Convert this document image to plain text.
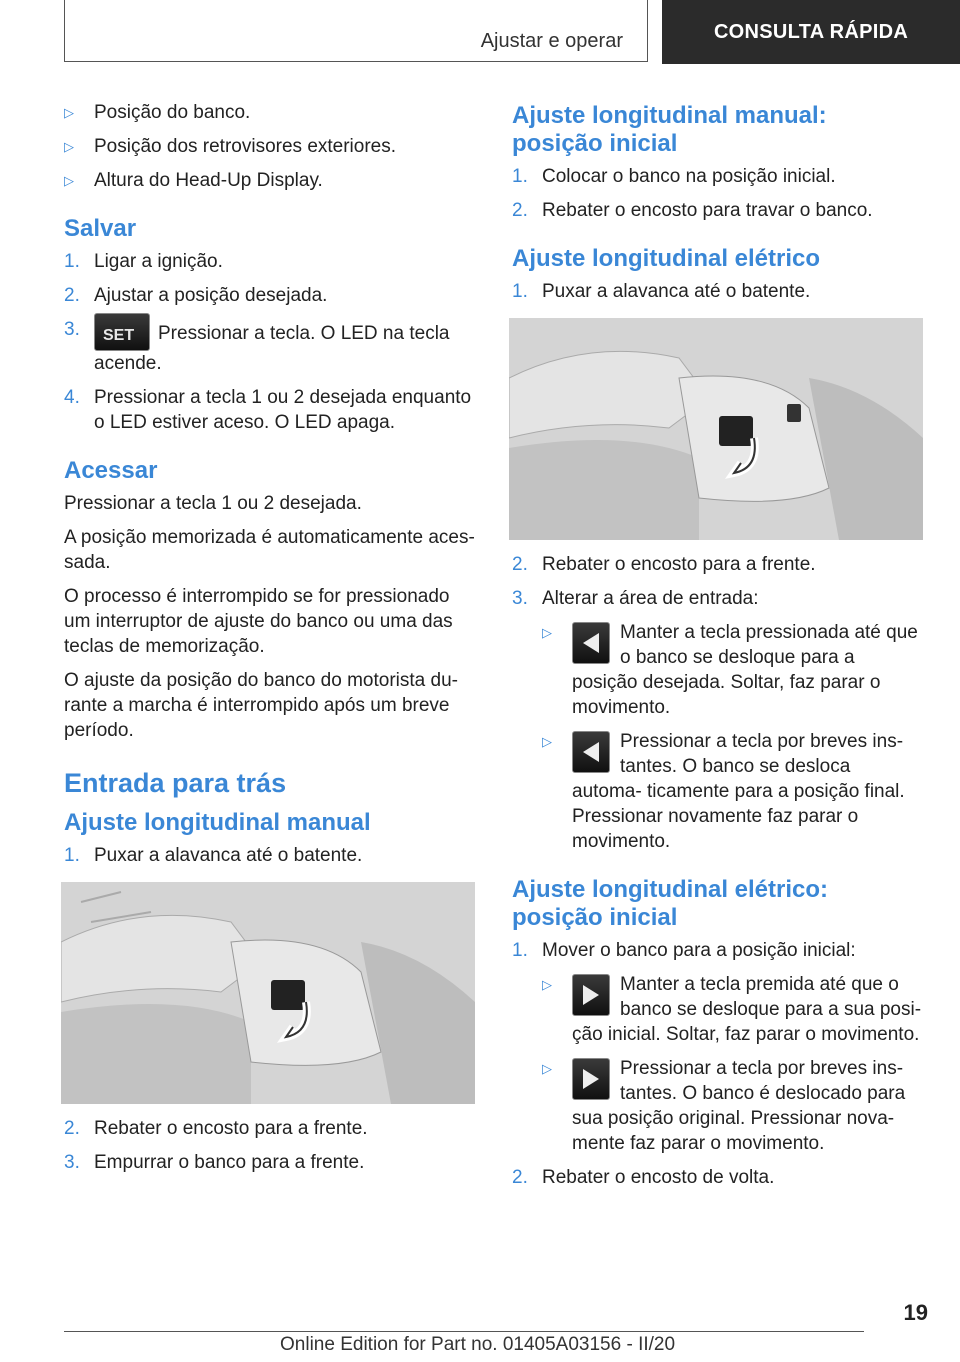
Ajustar e operar	CONSULTA RÁPIDA
▷ Posição do banco.
▷ Posição dos retrovisores exteriores.
▷ Altura do Head-Up Display.
Salvar
1. Ligar a ignição.
2. Ajustar a posição desejada.
3. SET Pressionar a tecla. O LED na tecla acende.
4. Pressionar a tecla 1 ou 2 desejada enquanto o LED estiver aceso. O LED apaga.
Acessar
Pressionar a tecla 1 ou 2 desejada.
A posição memorizada é automaticamente aces- sada.
O processo é interrompido se for pressionado um interruptor de ajuste do banco ou uma das teclas de memorização.
O ajuste da posição do banco do motorista du- rante a marcha é interrompido após um breve período.
Entrada para trás
Ajuste longitudinal manual
1. Puxar a alavanca até o batente.
2. Rebater o encosto para a frente.
3. Empurrar o banco para a frente.
Ajuste longitudinal manual: posição inicial
1. Colocar o banco na posição inicial.
2. Rebater o encosto para travar o banco.
Ajuste longitudinal elétrico
1. Puxar a alavanca até o batente.
2. Rebater o encosto para a frente.
3. Alterar a área de entrada:
▷	Manter a tecla pressionada até que o banco se desloque para a posição desejada. Soltar, faz parar o movimento.
▷	Pressionar a tecla por breves ins- tantes. O banco se desloca automa- ticamente para a posição final. Pressionar novamente faz parar o movimento.
Ajuste longitudinal elétrico: posição inicial
1. Mover o banco para a posição inicial:
▷	Manter a tecla premida até que o banco se desloque para a sua posi- ção inicial. Soltar, faz parar o movimento.
▷	Pressionar a tecla por breves ins- tantes. O banco é deslocado para sua posição original. Pressionar nova- mente faz parar o movimento.
2. Rebater o encosto de volta.
19
Online Edition for Part no. 01405A03156 - II/20
